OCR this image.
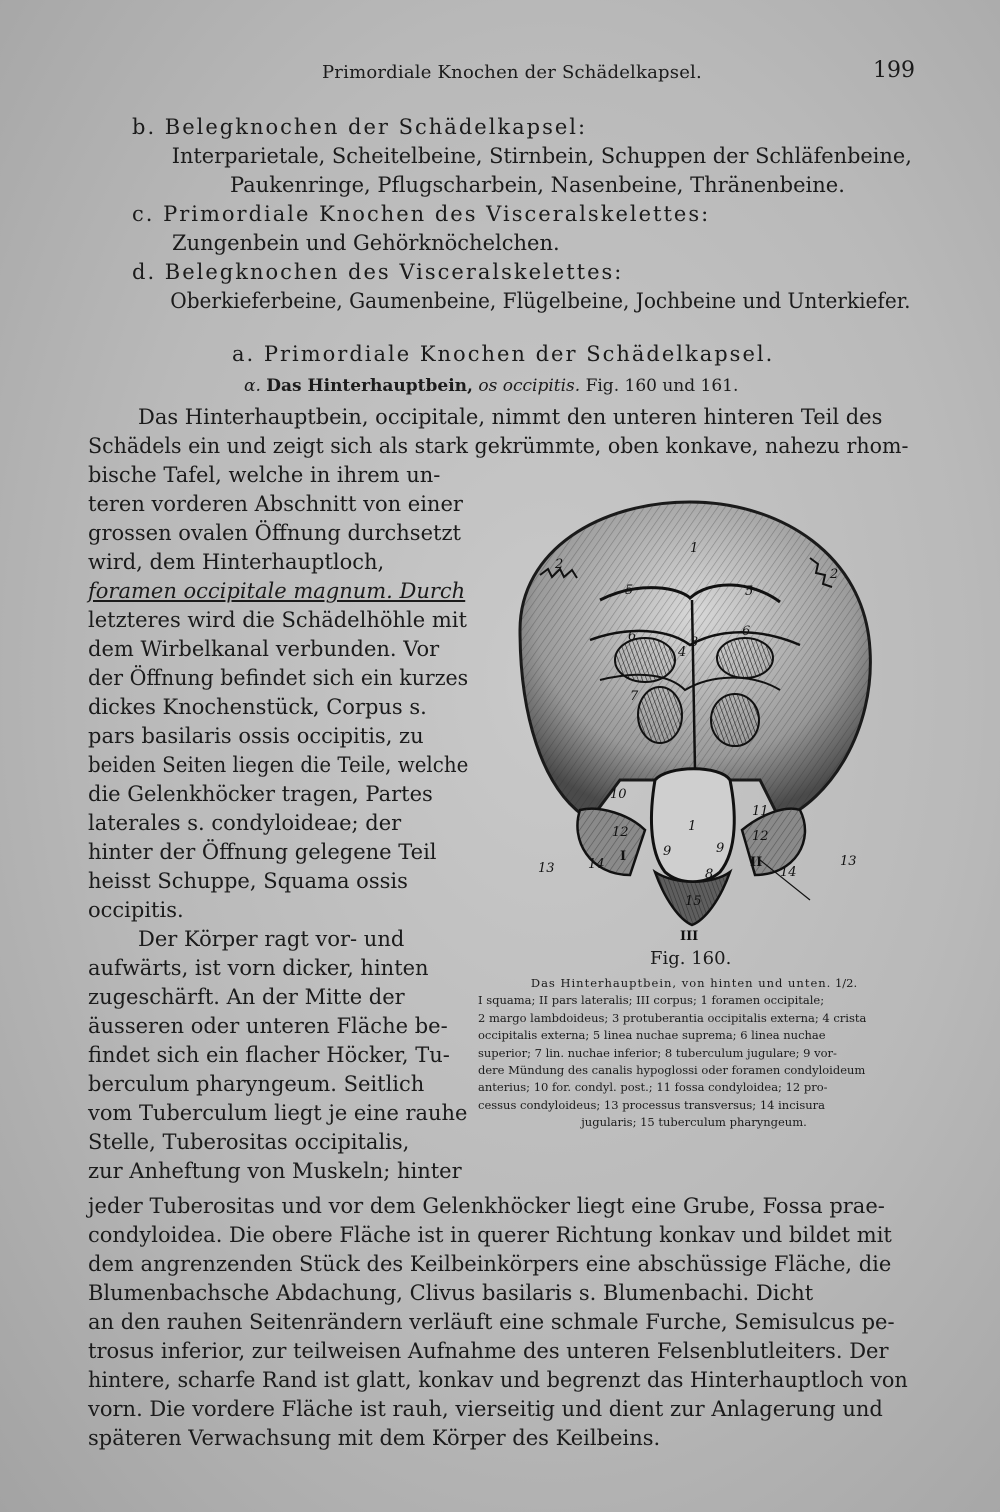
Primordiale Knochen der Schädelkapsel.	199
b. Belegknochen der Schädelkapsel:
Interparietale, Scheitelbeine, Stirnbein, Schuppen der Schläfenbeine,
Paukenringe, Pflugscharbein, Nasenbeine, Thränenbeine.
c. Primordiale Knochen des Visceralskelettes:
Zungenbein und Gehörknöchelchen.
d. Belegknochen des Visceralskelettes:
Oberkieferbeine, Gaumenbeine, Flügelbeine, Jochbeine und Unterkiefer.
a. Primordiale Knochen der Schädelkapsel.
α. Das Hinterhauptbein, os occipitis. Fig. 160 und 161.
Das Hinterhauptbein, occipitale, nimmt den unteren hinteren Teil des
Schädels ein und zeigt sich als stark gekrümmte, oben konkave, nahezu rhom-
bische Tafel, welche in ihrem un-
teren vorderen Abschnitt von einer
grossen ovalen Öffnung durchsetzt
wird, dem Hinterhauptloch,
foramen occipitale magnum. Durch
letzteres wird die Schädelhöhle mit
dem Wirbelkanal verbunden. Vor
der Öffnung befindet sich ein kurzes
dickes Knochenstück, Corpus s.
pars basilaris ossis occipitis, zu
beiden Seiten liegen die Teile, welche
die Gelenkhöcker tragen, Partes
laterales s. condyloideae; der
hinter der Öffnung gelegene Teil
heisst Schuppe, Squama ossis
occipitis.
Der Körper ragt vor- und
aufwärts, ist vorn dicker, hinten
zugeschärft. An der Mitte der
äusseren oder unteren Fläche be-
findet sich ein flacher Höcker, Tu-
berculum pharyngeum. Seitlich
vom Tuberculum liegt je eine rauhe
Stelle, Tuberositas occipitalis,
zur Anheftung von Muskeln; hinter
1
2
2
3
4
5	5
6	6
7
8
9	9
10
11
12	12
13	13
14
14
15
1
I	II
III
Fig. 160.
Das Hinterhauptbein, von hinten und unten. 1/2.
I squama; II pars lateralis; III corpus; 1 foramen occipitale;
2 margo lambdoideus; 3 protuberantia occipitalis externa; 4 crista
occipitalis externa; 5 linea nuchae suprema; 6 linea nuchae
superior; 7 lin. nuchae inferior; 8 tuberculum jugulare; 9 vor-
dere Mündung des canalis hypoglossi oder foramen condyloideum
anterius; 10 for. condyl. post.; 11 fossa condyloidea; 12 pro-
cessus condyloideus; 13 processus transversus; 14 incisura
jugularis; 15 tuberculum pharyngeum.
jeder Tuberositas und vor dem Gelenkhöcker liegt eine Grube, Fossa prae-
condyloidea. Die obere Fläche ist in querer Richtung konkav und bildet mit
dem angrenzenden Stück des Keilbeinkörpers eine abschüssige Fläche, die
Blumenbachsche Abdachung, Clivus basilaris s. Blumenbachi. Dicht
an den rauhen Seitenrändern verläuft eine schmale Furche, Semisulcus pe-
trosus inferior, zur teilweisen Aufnahme des unteren Felsenblutleiters. Der
hintere, scharfe Rand ist glatt, konkav und begrenzt das Hinterhauptloch von
vorn. Die vordere Fläche ist rauh, vierseitig und dient zur Anlagerung und
späteren Verwachsung mit dem Körper des Keilbeins.
